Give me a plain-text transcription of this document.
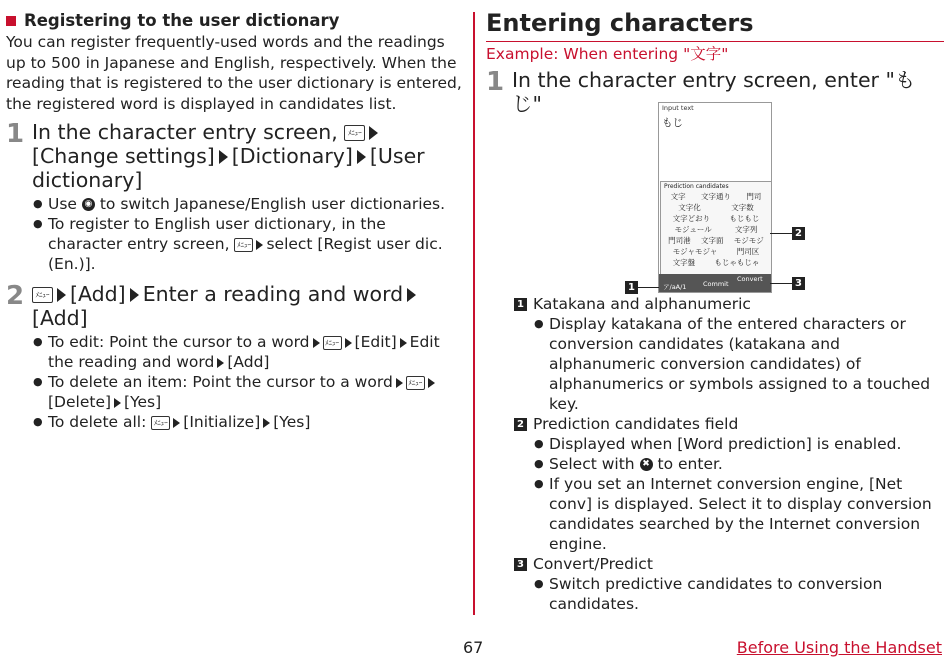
Registering to the user dictionary

You can register frequently-used words and the readings up to 500 in Japanese and English, respectively. When the reading that is registered to the user dictionary is entered, the registered word is displayed in candidates list.

1 In the character entry screen, ﾒﾆｭｰ[Change settings] [Dictionary] [User dictionary]
● Use ◉ to switch Japanese/English user dictionaries.
● To register to English user dictionary, in the character entry screen, ﾒﾆｭｰ select [Regist user dic. (En.)].
2	ﾒﾆｭｰ [Add] Enter a reading and word[Add]
● To edit: Point the cursor to a word ﾒﾆｭｰ [Edit] Edit the reading and word [Add]
● To delete an item: Point the cursor to a word ﾒﾆｭｰ[Delete] [Yes]
● To delete all: ﾒﾆｭｰ [Initialize] [Yes]
Entering characters
Example: When entering "文字"
1 In the character entry screen, enter "もじ"	Input text
もじ
Prediction candidates
文字 文字通り 門司
文字化	文字数
文字どおり	もじもじ
モジュール	文字列
門司港 文字面 モジモジ
モジャモジャ	門司区
文字盤	もじゃもじゃ
ア/aA/1	Commit
Convert
1
2
3
1 Katakana and alphanumeric
● Display katakana of the entered characters or conversion candidates (katakana and alphanumeric conversion candidates) of alphanumerics or symbols assigned to a touched key.
2 Prediction candidates field
● Displayed when [Word prediction] is enabled.
● Select with ✖ to enter.
● If you set an Internet conversion engine, [Net conv] is displayed. Select it to display conversion candidates searched by the Internet conversion engine.
3 Convert/Predict
● Switch predictive candidates to conversion candidates.
67	Before Using the Handset
